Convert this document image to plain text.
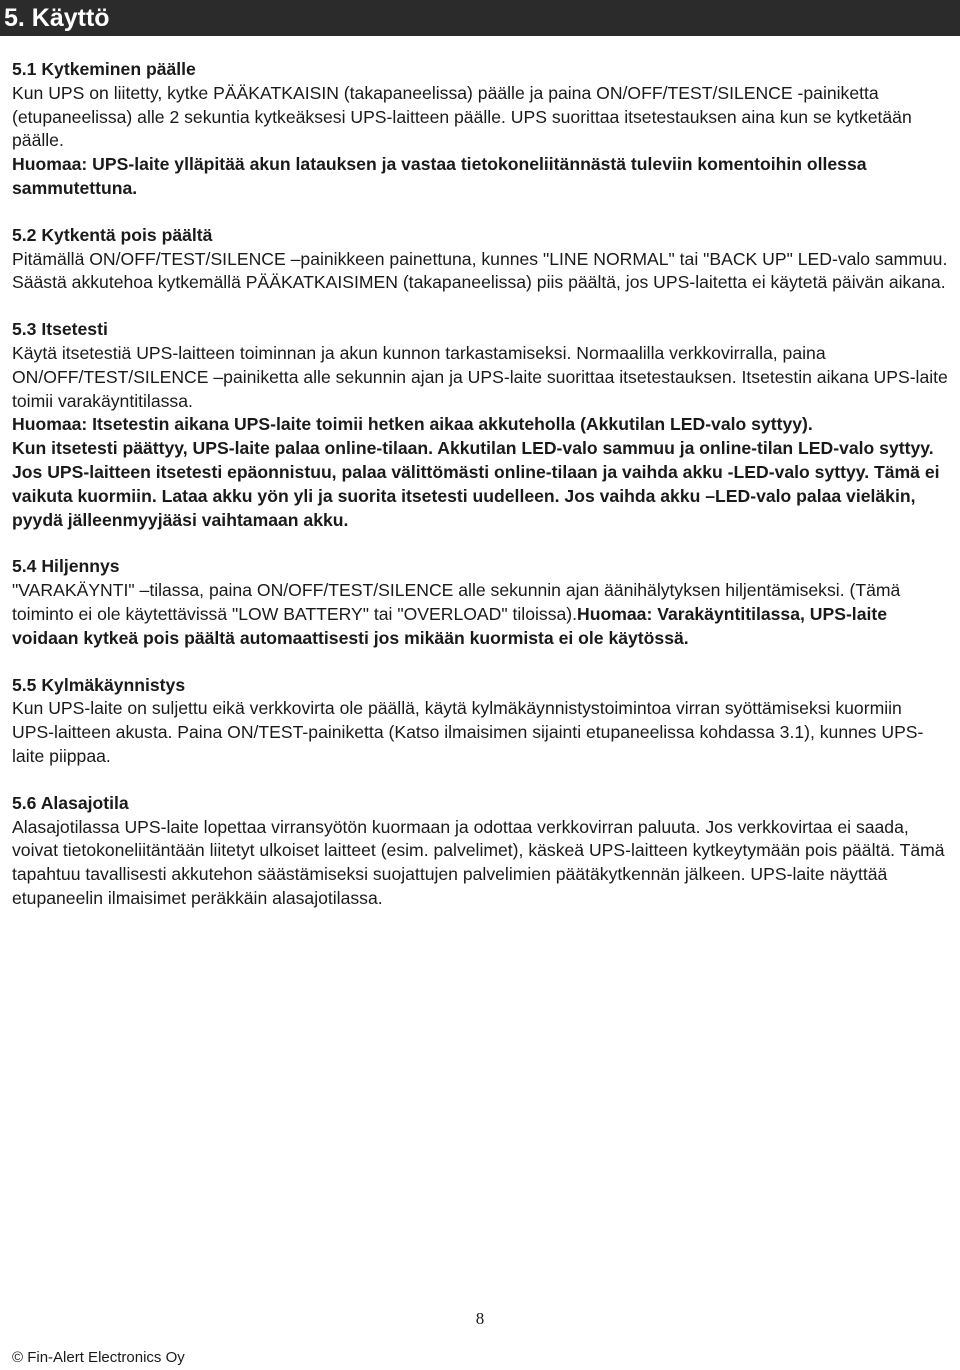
5. Käyttö

5.1 Kytkeminen päälle

Kun UPS on liitetty, kytke PÄÄKATKAISIN (takapaneelissa) päälle ja paina ON/OFF/TEST/SILENCE -painiketta (etupaneelissa) alle 2 sekuntia kytkeäksesi UPS-laitteen päälle. UPS suorittaa itsetestauksen aina kun se kytketään päälle.

Huomaa: UPS-laite ylläpitää akun latauksen ja vastaa tietokoneliitännästä tuleviin komentoihin ollessa sammutettuna.

5.2 Kytkentä pois päältä

Pitämällä ON/OFF/TEST/SILENCE –painikkeen painettuna, kunnes "LINE NORMAL" tai "BACK UP" LED-valo sammuu. Säästä akkutehoa kytkemällä PÄÄKATKAISIMEN (takapaneelissa) piis päältä, jos UPS-laitetta ei käytetä päivän aikana.

5.3 Itsetesti

Käytä itsetestiä UPS-laitteen toiminnan ja akun kunnon tarkastamiseksi. Normaalilla verkkovirralla, paina ON/OFF/TEST/SILENCE –painiketta alle sekunnin ajan ja UPS-laite suorittaa itsetestauksen. Itsetestin aikana UPS-laite toimii varakäyntitilassa.

Huomaa: Itsetestin aikana UPS-laite toimii hetken aikaa akkuteholla (Akkutilan LED-valo syttyy).

Kun itsetesti päättyy, UPS-laite palaa online-tilaan. Akkutilan LED-valo sammuu ja online-tilan LED-valo syttyy.

Jos UPS-laitteen itsetesti epäonnistuu, palaa välittömästi online-tilaan ja vaihda akku -LED-valo syttyy. Tämä ei vaikuta kuormiin. Lataa akku yön yli ja suorita itsetesti uudelleen. Jos vaihda akku –LED-valo palaa vieläkin, pyydä jälleenmyyjääsi vaihtamaan akku.

5.4 Hiljennys

"VARAKÄYNTI" –tilassa, paina ON/OFF/TEST/SILENCE alle sekunnin ajan äänihälytyksen hiljentämiseksi. (Tämä toiminto ei ole käytettävissä "LOW BATTERY" tai "OVERLOAD" tiloissa).Huomaa: Varakäyntitilassa, UPS-laite voidaan kytkeä pois päältä automaattisesti jos mikään kuormista ei ole käytössä.

5.5 Kylmäkäynnistys

Kun UPS-laite on suljettu eikä verkkovirta ole päällä, käytä kylmäkäynnistystoimintoa virran syöttämiseksi kuormiin UPS-laitteen akusta. Paina ON/TEST-painiketta (Katso ilmaisimen sijainti etupaneelissa kohdassa 3.1), kunnes UPS-laite piippaa.

5.6 Alasajotila

Alasajotilassa UPS-laite lopettaa virransyötön kuormaan ja odottaa verkkovirran paluuta. Jos verkkovirtaa ei saada, voivat tietokoneliitäntään liitetyt ulkoiset laitteet (esim. palvelimet), käskeä UPS-laitteen kytkeytymään pois päältä. Tämä tapahtuu tavallisesti akkutehon säästämiseksi suojattujen palvelimien päätäkytkennän jälkeen. UPS-laite näyttää etupaneelin ilmaisimet peräkkäin alasajotilassa.

8
© Fin-Alert Electronics Oy
